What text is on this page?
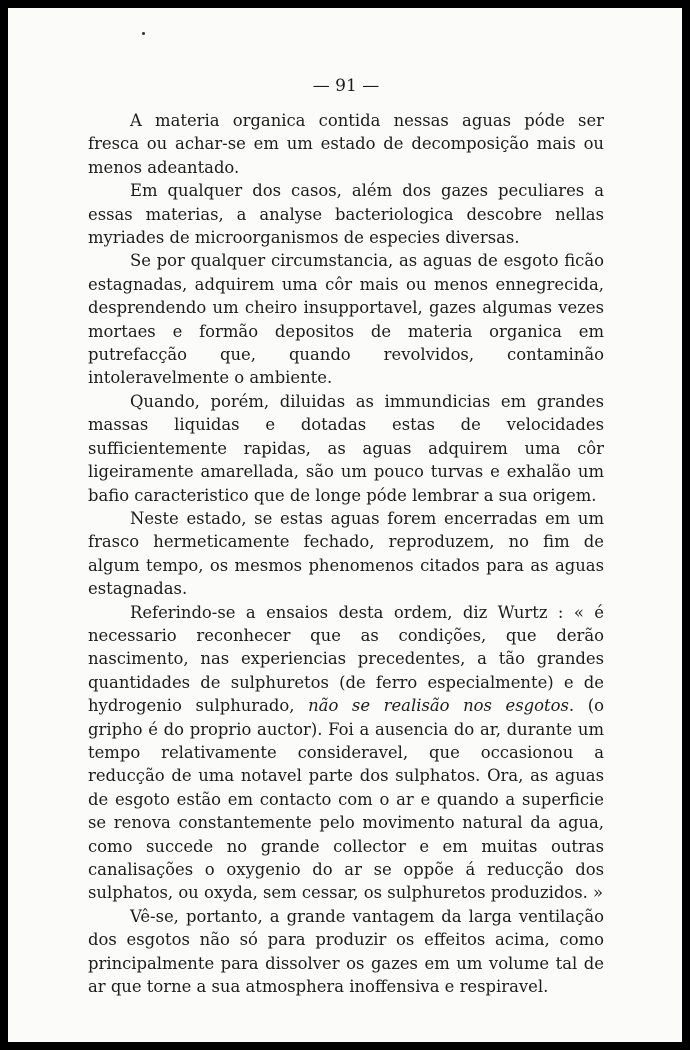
— 91 —

A materia organica contida nessas aguas póde ser fresca ou achar-se em um estado de decomposição mais ou menos adeantado.

Em qualquer dos casos, além dos gazes peculiares a essas materias, a analyse bacteriologica descobre nellas myriades de microorganismos de especies diversas.

Se por qualquer circumstancia, as aguas de esgoto ficão estagnadas, adquirem uma côr mais ou menos ennegrecida, desprendendo um cheiro insupportavel, gazes algumas vezes mortaes e formão depositos de materia organica em putrefacção que, quando revolvidos, contaminão intoleravelmente o ambiente.

Quando, porém, diluidas as immundicias em grandes massas liquidas e dotadas estas de velocidades sufficientemente rapidas, as aguas adquirem uma côr ligeiramente amarellada, são um pouco turvas e exhalão um bafio caracteristico que de longe póde lembrar a sua origem.

Neste estado, se estas aguas forem encerradas em um frasco hermeticamente fechado, reproduzem, no fim de algum tempo, os mesmos phenomenos citados para as aguas estagnadas.

Referindo-se a ensaios desta ordem, diz Wurtz : « é necessario reconhecer que as condições, que derão nascimento, nas experiencias precedentes, a tão grandes quantidades de sulphuretos (de ferro especialmente) e de hydrogenio sulphurado, não se realisão nos esgotos. (o gripho é do proprio auctor). Foi a ausencia do ar, durante um tempo relativamente consideravel, que occasionou a reducção de uma notavel parte dos sulphatos. Ora, as aguas de esgoto estão em contacto com o ar e quando a superficie se renova constantemente pelo movimento natural da agua, como succede no grande collector e em muitas outras canalisações o oxygenio do ar se oppõe á reducção dos sulphatos, ou oxyda, sem cessar, os sulphuretos produzidos. »

Vê-se, portanto, a grande vantagem da larga ventilação dos esgotos não só para produzir os effeitos acima, como principalmente para dissolver os gazes em um volume tal de ar que torne a sua atmosphera inoffensiva e respiravel.
